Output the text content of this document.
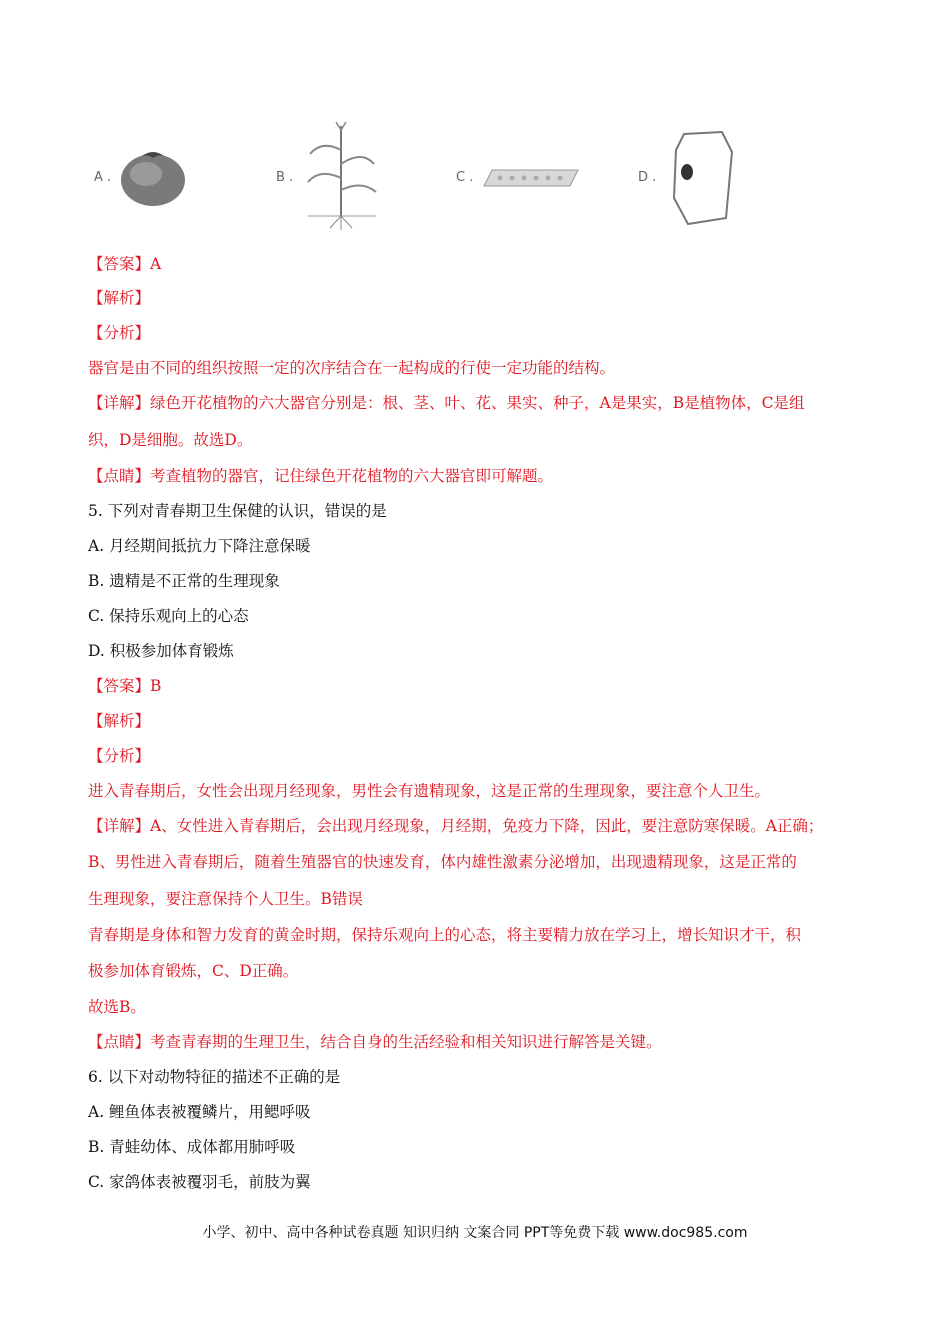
A .	B .	C .	D .
【答案】A
【解析】
【分析】
器官是由不同的组织按照一定的次序结合在一起构成的行使一定功能的结构。
【详解】绿色开花植物的六大器官分别是：根、茎、叶、花、果实、种子，A是果实，B是植物体，C是组
织，D是细胞。故选D。
【点睛】考查植物的器官，记住绿色开花植物的六大器官即可解题。
5. 下列对青春期卫生保健的认识，错误的是
A. 月经期间抵抗力下降注意保暖
B. 遗精是不正常的生理现象
C. 保持乐观向上的心态
D. 积极参加体育锻炼
【答案】B
【解析】
【分析】
进入青春期后，女性会出现月经现象，男性会有遗精现象，这是正常的生理现象，要注意个人卫生。
【详解】A、女性进入青春期后，会出现月经现象，月经期，免疫力下降，因此，要注意防寒保暖。A正确；
B、男性进入青春期后，随着生殖器官的快速发育，体内雄性激素分泌增加，出现遗精现象，这是正常的
生理现象，要注意保持个人卫生。B错误
青春期是身体和智力发育的黄金时期，保持乐观向上的心态，将主要精力放在学习上，增长知识才干，积
极参加体育锻炼，C、D正确。
故选B。
【点睛】考查青春期的生理卫生，结合自身的生活经验和相关知识进行解答是关键。
6. 以下对动物特征的描述不正确的是
A. 鲤鱼体表被覆鳞片，用鳃呼吸
B. 青蛙幼体、成体都用肺呼吸
C. 家鸽体表被覆羽毛，前肢为翼
小学、初中、高中各种试卷真题 知识归纳 文案合同 PPT等免费下载 www.doc985.com
